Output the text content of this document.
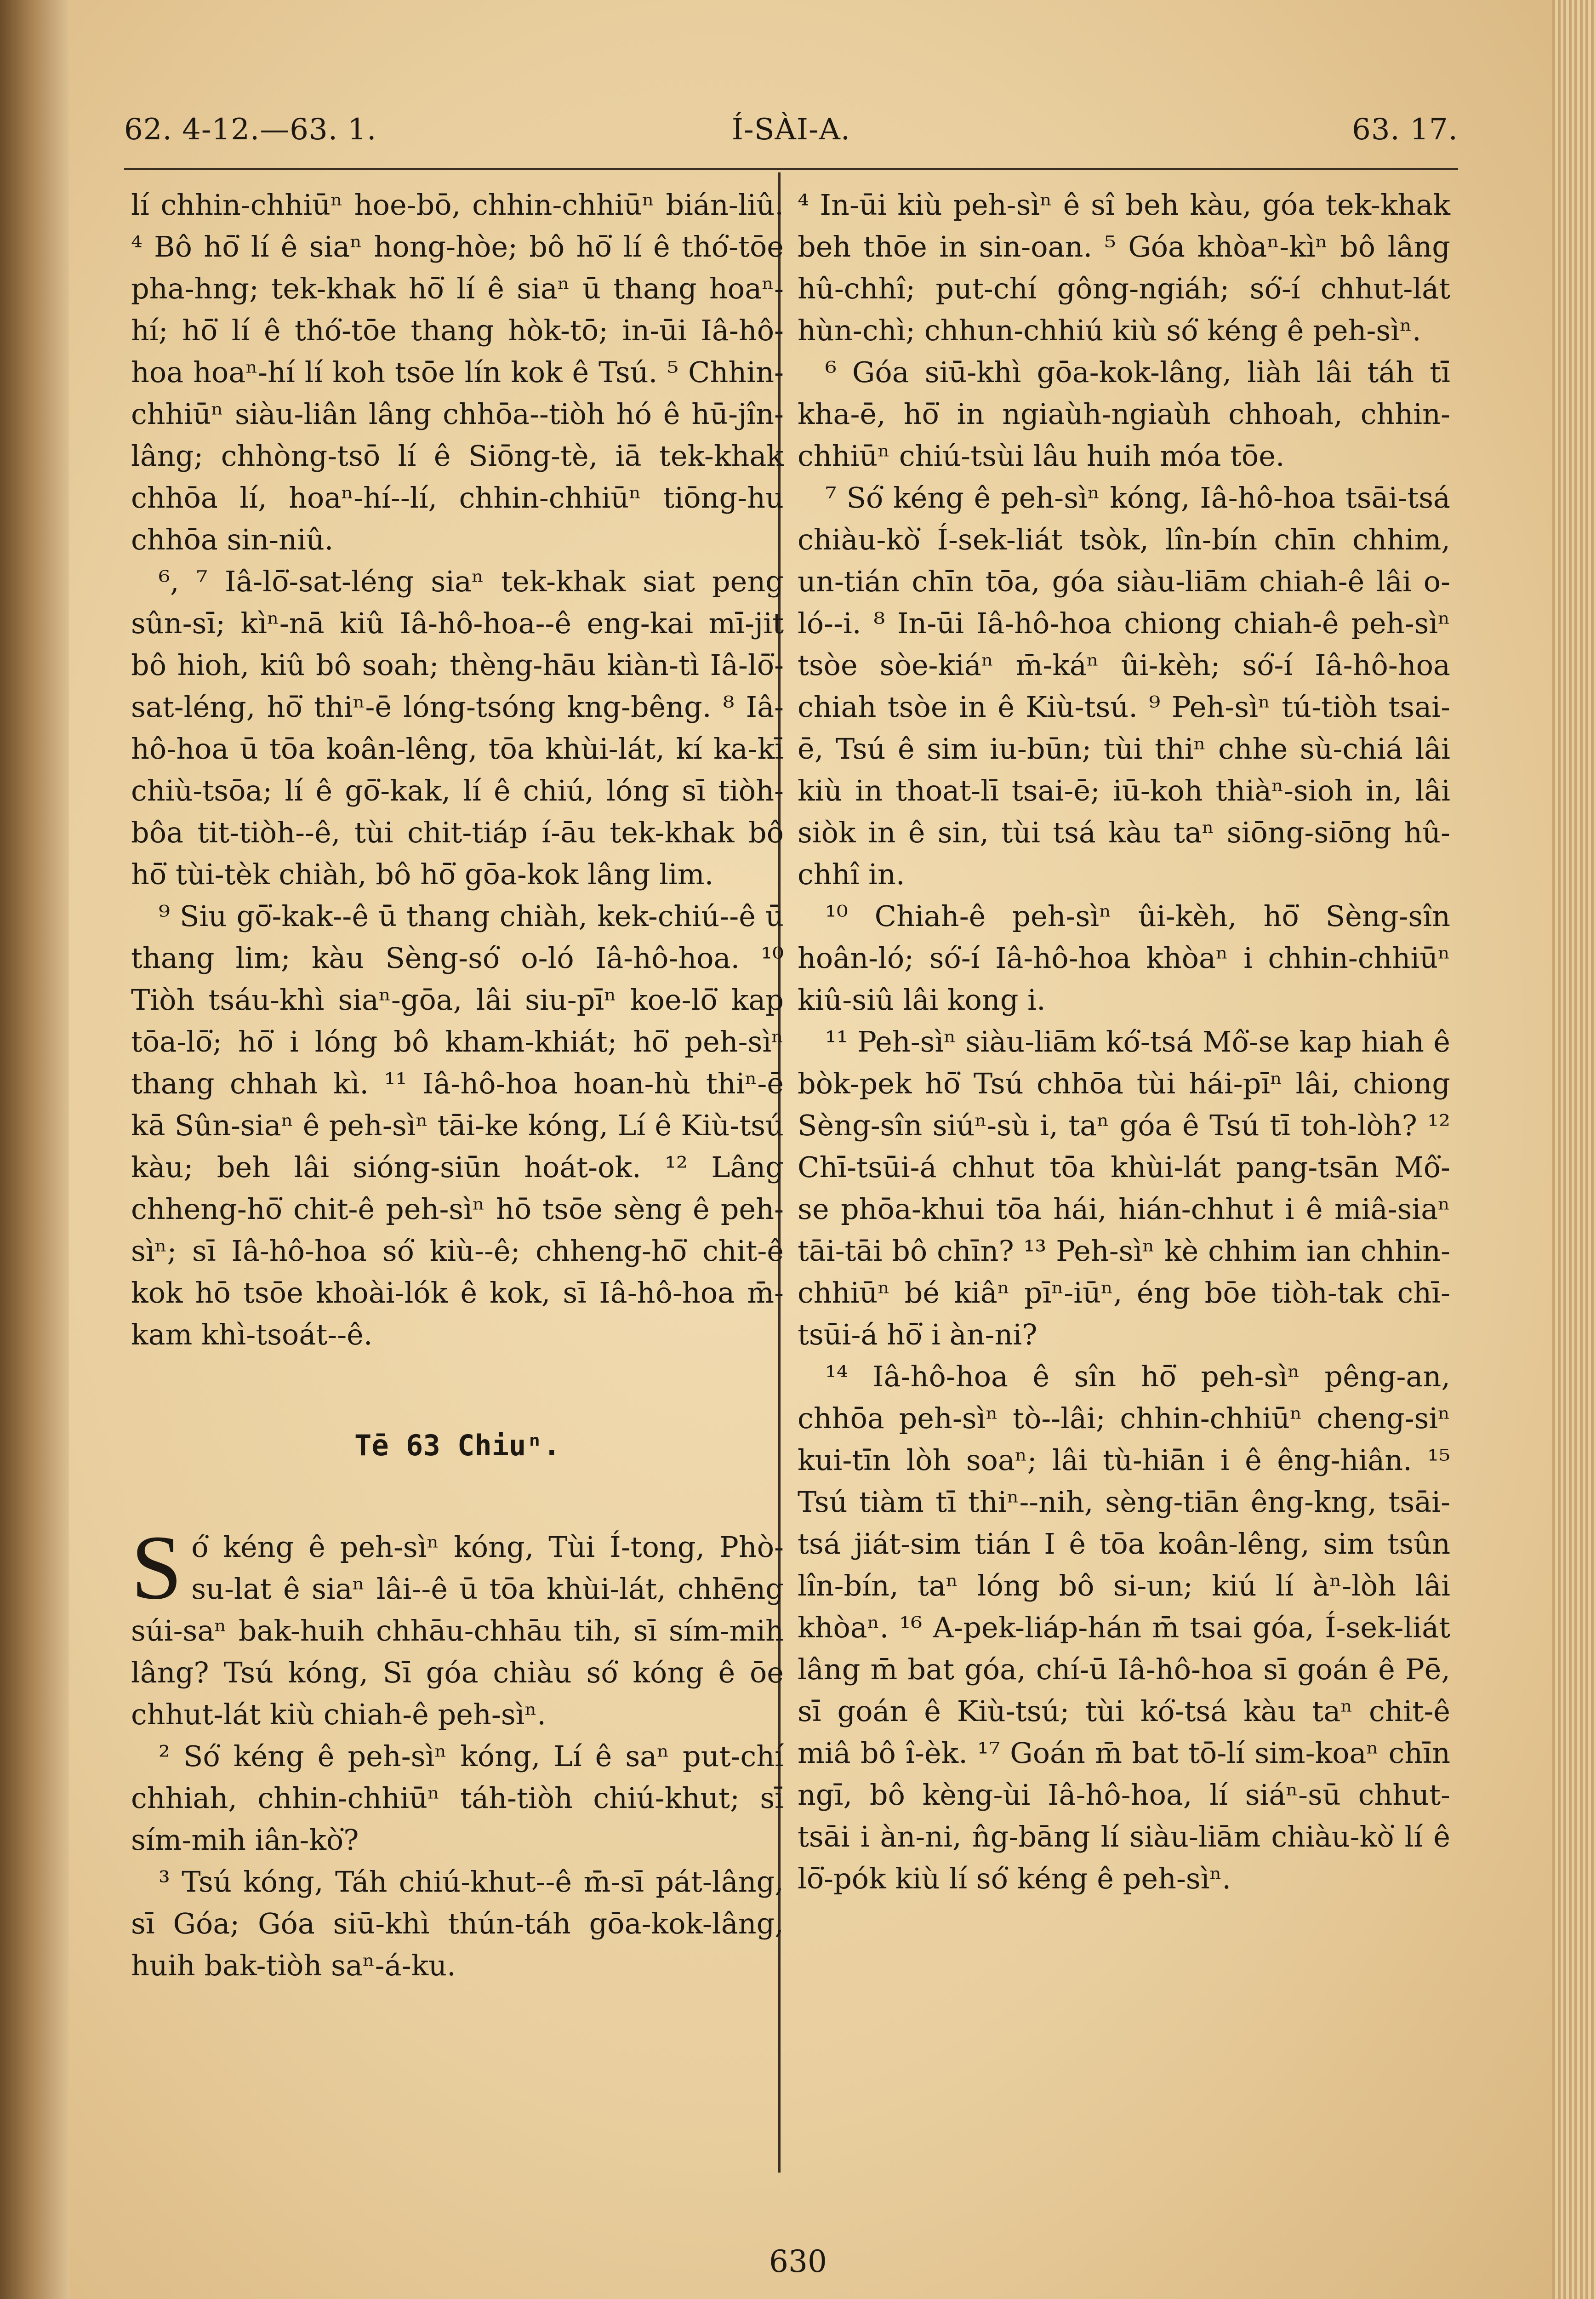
62. 4-12.—63. 1.	Í-SÀI-A.	63. 17.

lí chhin-chhiūⁿ hoe-bō, chhin-chhiūⁿ bián-liû. ⁴ Bô hō͘ lí ê siaⁿ hong-hòe; bô hō͘ lí ê thó͘-tōe pha-hng; tek-khak hō͘ lí ê siaⁿ ū thang hoaⁿ-hí; hō͘ lí ê thó͘-tōe thang hòk-tō; in-ūi Iâ-hô-hoa hoaⁿ-hí lí koh tsōe lín kok ê Tsú. ⁵ Chhin-chhiūⁿ siàu-liân lâng chhōa--tiòh hó ê hū-jîn-lâng; chhòng-tsō lí ê Siōng-tè, iā tek-khak chhōa lí, hoaⁿ-hí--lí, chhin-chhiūⁿ tiōng-hu chhōa sin-niû.

⁶, ⁷ Iâ-lō͘-sat-léng siaⁿ tek-khak siat peng sûn-sī; kìⁿ-nā kiû Iâ-hô-hoa--ê eng-kai mī-jit bô hioh, kiû bô soah; thèng-hāu kiàn-tì Iâ-lō͘-sat-léng, hō͘ thiⁿ-ē lóng-tsóng kng-bêng. ⁸ Iâ-hô-hoa ū tōa koân-lêng, tōa khùi-lát, kí ka-kī chiù-tsōa; lí ê gō͘-kak, lí ê chiú, lóng sī tiòh-bôa tit-tiòh--ê, tùi chit-tiáp í-āu tek-khak bô hō͘ tùi-tèk chiàh, bô hō͘ gōa-kok lâng lim.

⁹ Siu gō͘-kak--ê ū thang chiàh, kek-chiú--ê ū thang lim; kàu Sèng-só͘ o-ló Iâ-hô-hoa. ¹⁰ Tiòh tsáu-khì siaⁿ-gōa, lâi siu-pīⁿ koe-lō͘ kap tōa-lō͘; hō͘ i lóng bô kham-khiát; hō͘ peh-sìⁿ thang chhah kì. ¹¹ Iâ-hô-hoa hoan-hù thiⁿ-ē kā Sûn-siaⁿ ê peh-sìⁿ tāi-ke kóng, Lí ê Kiù-tsú kàu; beh lâi sióng-siūn hoát-ok. ¹² Lâng chheng-hō͘ chit-ê peh-sìⁿ hō tsōe sèng ê peh-sìⁿ; sī Iâ-hô-hoa só͘ kiù--ê; chheng-hō͘ chit-ê kok hō tsōe khoài-lók ê kok, sī Iâ-hô-hoa m̄-kam khì-tsoát--ê.

Tē 63 Chiuⁿ.

Só͘ kéng ê peh-sìⁿ kóng, Tùi Í-tong, Phò-su-lat ê siaⁿ lâi--ê ū tōa khùi-lát, chhēng súi-saⁿ bak-huih chhāu-chhāu tih, sī sím-mih lâng? Tsú kóng, Sī góa chiàu só͘ kóng ê ōe chhut-lát kiù chiah-ê peh-sìⁿ.

² Só͘ kéng ê peh-sìⁿ kóng, Lí ê saⁿ put-chí chhiah, chhin-chhiūⁿ táh-tiòh chiú-khut; sī sím-mih iân-kò͘?

³ Tsú kóng, Táh chiú-khut--ê m̄-sī pát-lâng, sī Góa; Góa siū-khì thún-táh gōa-kok-lâng, huih bak-tiòh saⁿ-á-ku.

⁴ In-ūi kiù peh-sìⁿ ê sî beh kàu, góa tek-khak beh thōe in sin-oan. ⁵ Góa khòaⁿ-kìⁿ bô lâng hû-chhî; put-chí gông-ngiáh; só͘-í chhut-lát hùn-chì; chhun-chhiú kiù só͘ kéng ê peh-sìⁿ.

⁶ Góa siū-khì gōa-kok-lâng, liàh lâi táh tī kha-ē, hō͘ in ngiaùh-ngiaùh chhoah, chhin-chhiūⁿ chiú-tsùi lâu huih móa tōe.

⁷ Só͘ kéng ê peh-sìⁿ kóng, Iâ-hô-hoa tsāi-tsá chiàu-kò͘ Í-sek-liát tsòk, lîn-bín chīn chhim, un-tián chīn tōa, góa siàu-liām chiah-ê lâi o-ló--i. ⁸ In-ūi Iâ-hô-hoa chiong chiah-ê peh-sìⁿ tsòe sòe-kiáⁿ m̄-káⁿ ûi-kèh; só͘-í Iâ-hô-hoa chiah tsòe in ê Kiù-tsú. ⁹ Peh-sìⁿ tú-tiòh tsai-ē, Tsú ê sim iu-būn; tùi thiⁿ chhe sù-chiá lâi kiù in thoat-lī tsai-ē; iū-koh thiàⁿ-sioh in, lâi siòk in ê sin, tùi tsá kàu taⁿ siōng-siōng hû-chhî in.

¹⁰ Chiah-ê peh-sìⁿ ûi-kèh, hō͘ Sèng-sîn hoân-ló; só͘-í Iâ-hô-hoa khòaⁿ i chhin-chhiūⁿ kiû-siû lâi kong i.

¹¹ Peh-sìⁿ siàu-liām kó͘-tsá Mô͘-se kap hiah ê bòk-pek hō͘ Tsú chhōa tùi hái-pīⁿ lâi, chiong Sèng-sîn siúⁿ-sù i, taⁿ góa ê Tsú tī toh-lòh? ¹² Chī-tsūi-á chhut tōa khùi-lát pang-tsān Mô͘-se phōa-khui tōa hái, hián-chhut i ê miâ-siaⁿ tāi-tāi bô chīn? ¹³ Peh-sìⁿ kè chhim ian chhin-chhiūⁿ bé kiâⁿ pīⁿ-iūⁿ, éng bōe tiòh-tak chī-tsūi-á hō͘ i àn-ni?

¹⁴ Iâ-hô-hoa ê sîn hō͘ peh-sìⁿ pêng-an, chhōa peh-sìⁿ tò--lâi; chhin-chhiūⁿ cheng-siⁿ kui-tīn lòh soaⁿ; lâi tù-hiān i ê êng-hiân. ¹⁵ Tsú tiàm tī thiⁿ--nih, sèng-tiān êng-kng, tsāi-tsá jiát-sim tián I ê tōa koân-lêng, sim tsûn lîn-bín, taⁿ lóng bô si-un; kiú lí àⁿ-lòh lâi khòaⁿ. ¹⁶ A-pek-liáp-hán m̄ tsai góa, Í-sek-liát lâng m̄ bat góa, chí-ū Iâ-hô-hoa sī goán ê Pē, sī goán ê Kiù-tsú; tùi kó͘-tsá kàu taⁿ chit-ê miâ bô î-èk. ¹⁷ Goán m̄ bat tō-lí sim-koaⁿ chīn ngī, bô kèng-ùi Iâ-hô-hoa, lí siáⁿ-sū chhut-tsāi i àn-ni, n̂g-bāng lí siàu-liām chiàu-kò͘ lí ê lō͘-pók kiù lí só͘ kéng ê peh-sìⁿ.

630
